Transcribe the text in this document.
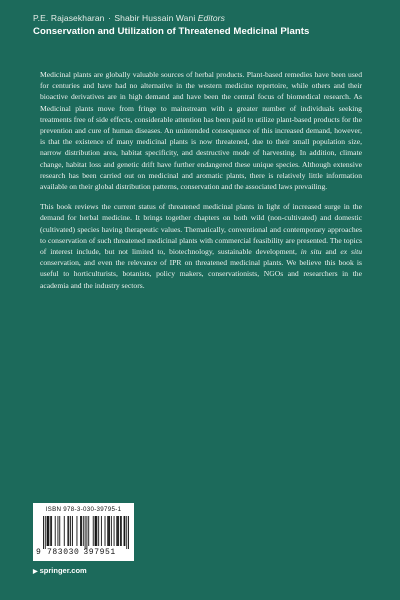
P.E. Rajasekharan · Shabir Hussain Wani Editors
Conservation and Utilization of Threatened Medicinal Plants

Medicinal plants are globally valuable sources of herbal products. Plant-based remedies have been used for centuries and have had no alternative in the western medicine repertoire, while others and their bioactive derivatives are in high demand and have been the central focus of biomedical research. As Medicinal plants move from fringe to mainstream with a greater number of individuals seeking treatments free of side effects, considerable attention has been paid to utilize plant-based products for the prevention and cure of human diseases. An unintended consequence of this increased demand, however, is that the existence of many medicinal plants is now threatened, due to their small population size, narrow distribution area, habitat specificity, and destructive mode of harvesting. In addition, climate change, habitat loss and genetic drift have further endangered these unique species. Although extensive research has been carried out on medicinal and aromatic plants, there is relatively little information available on their global distribution patterns, conservation and the associated laws prevailing.

This book reviews the current status of threatened medicinal plants in light of increased surge in the demand for herbal medicine. It brings together chapters on both wild (non-cultivated) and domestic (cultivated) species having therapeutic values. Thematically, conventional and contemporary approaches to conservation of such threatened medicinal plants with commercial feasibility are presented. The topics of interest include, but not limited to, biotechnology, sustainable development, in situ and ex situ conservation, and even the relevance of IPR on threatened medicinal plants. We believe this book is useful to horticulturists, botanists, policy makers, conservationists, NGOs and researchers in the academia and the industry sectors.

ISBN 978-3-030-39795-1
9 783030 397951
▶ springer.com
